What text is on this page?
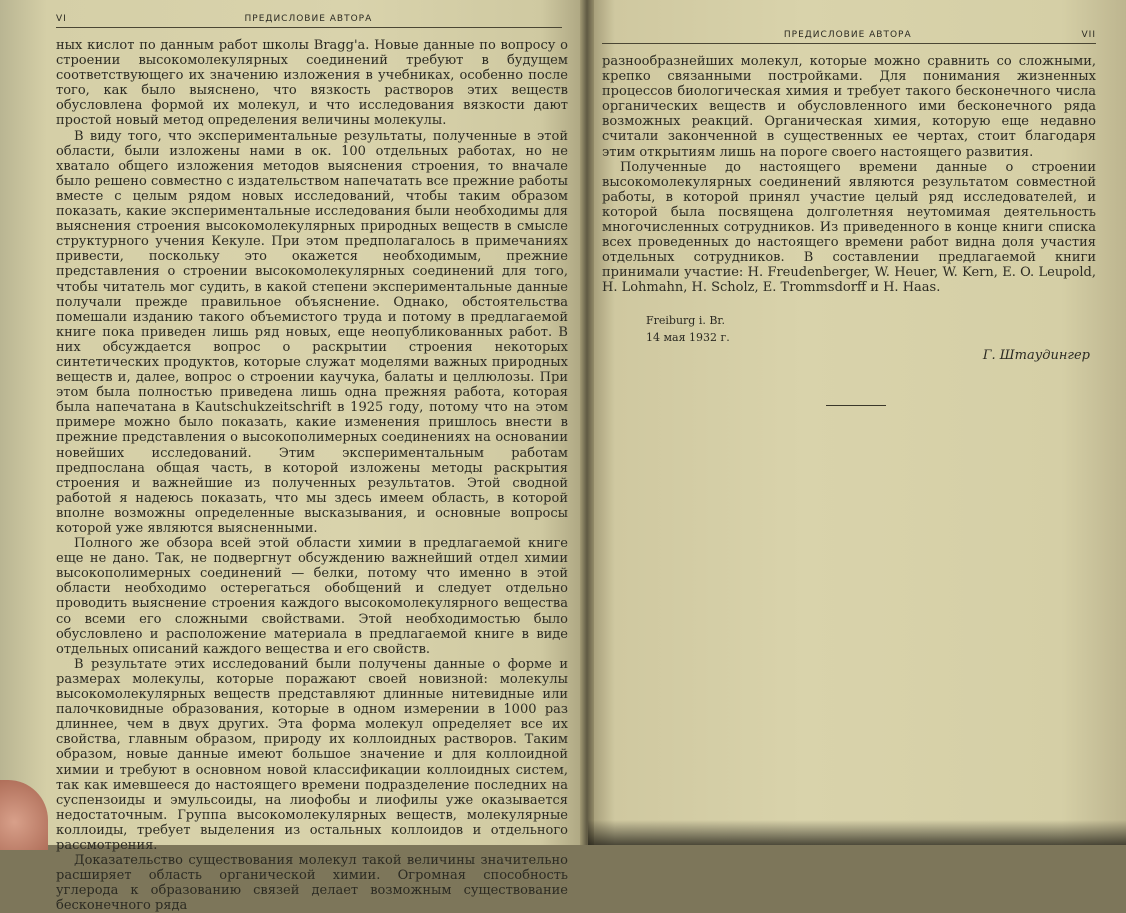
VI	ПРЕДИСЛОВИЕ АВТОРА

ных кислот по данным работ школы Bragg'a. Новые данные по вопросу о строении высокомолекулярных соединений требуют в будущем соответствующего их значению изложения в учебниках, особенно после того, как было выяснено, что вязкость растворов этих веществ обусловлена формой их молекул, и что исследования вязкости дают простой новый метод определения величины молекулы.

В виду того, что экспериментальные результаты, полученные в этой области, были изложены нами в ок. 100 отдельных работах, но не хватало общего изложения методов выяснения строения, то вначале было решено совместно с издательством напечатать все прежние работы вместе с целым рядом новых исследований, чтобы таким образом показать, какие экспериментальные исследования были необходимы для выяснения строения высокомолекулярных природных веществ в смысле структурного учения Кекуле. При этом предполагалось в примечаниях привести, поскольку это окажется необходимым, прежние представления о строении высокомолекулярных соединений для того, чтобы читатель мог судить, в какой степени экспериментальные данные получали прежде правильное объяснение. Однако, обстоятельства помешали изданию такого объемистого труда и потому в предлагаемой книге пока приведен лишь ряд новых, еще неопубликованных работ. В них обсуждается вопрос о раскрытии строения некоторых синтетических продуктов, которые служат моделями важных природных веществ и, далее, вопрос о строении каучука, балаты и целлюлозы. При этом была полностью приведена лишь одна прежняя работа, которая была напечатана в Kautschukzeitschrift в 1925 году, потому что на этом примере можно было показать, какие изменения пришлось внести в прежние представления о высокополимерных соединениях на основании новейших исследований. Этим экспериментальным работам предпослана общая часть, в которой изложены методы раскрытия строения и важнейшие из полученных результатов. Этой сводной работой я надеюсь показать, что мы здесь имеем область, в которой вполне возможны определенные высказывания, и основные вопросы которой уже являются выясненными.

Полного же обзора всей этой области химии в предлагаемой книге еще не дано. Так, не подвергнут обсуждению важнейший отдел химии высокополимерных соединений — белки, потому что именно в этой области необходимо остерегаться обобщений и следует отдельно проводить выяснение строения каждого высокомолекулярного вещества со всеми его сложными свойствами. Этой необходимостью было обусловлено и расположение материала в предлагаемой книге в виде отдельных описаний каждого вещества и его свойств.

В результате этих исследований были получены данные о форме и размерах молекулы, которые поражают своей новизной: молекулы высокомолекулярных веществ представляют длинные нитевидные или палочковидные образования, которые в одном измерении в 1000 раз длиннее, чем в двух других. Эта форма молекул определяет все их свойства, главным образом, природу их коллоидных растворов. Таким образом, новые данные имеют большое значение и для коллоидной химии и требуют в основном новой классификации коллоидных систем, так как имевшееся до настоящего времени подразделение последних на суспензоиды и эмульсоиды, на лиофобы и лиофилы уже оказывается недостаточным. Группа высокомолекулярных веществ, молекулярные коллоиды, требует выделения из остальных коллоидов и отдельного рассмотрения.

Доказательство существования молекул такой величины значительно расширяет область органической химии. Огромная способность углерода к образованию связей делает возможным существование бесконечного ряда

ПРЕДИСЛОВИЕ АВТОРА	VII

разнообразнейших молекул, которые можно сравнить со сложными, крепко связанными постройками. Для понимания жизненных процессов биологическая химия и требует такого бесконечного числа органических веществ и обусловленного ими бесконечного ряда возможных реакций. Органическая химия, которую еще недавно считали законченной в существенных ее чертах, стоит благодаря этим открытиям лишь на пороге своего настоящего развития.

Полученные до настоящего времени данные о строении высокомолекулярных соединений являются результатом совместной работы, в которой принял участие целый ряд исследователей, и которой была посвящена долголетняя неутомимая деятельность многочисленных сотрудников. Из приведенного в конце книги списка всех проведенных до настоящего времени работ видна доля участия отдельных сотрудников. В составлении предлагаемой книги принимали участие: H. Freudenberger, W. Heuer, W. Kern, E. O. Leupold, H. Lohmahn, H. Scholz, E. Trommsdorff и H. Haas.

Freiburg i. Br.
14 мая 1932 г.
Г. Штаудингер
